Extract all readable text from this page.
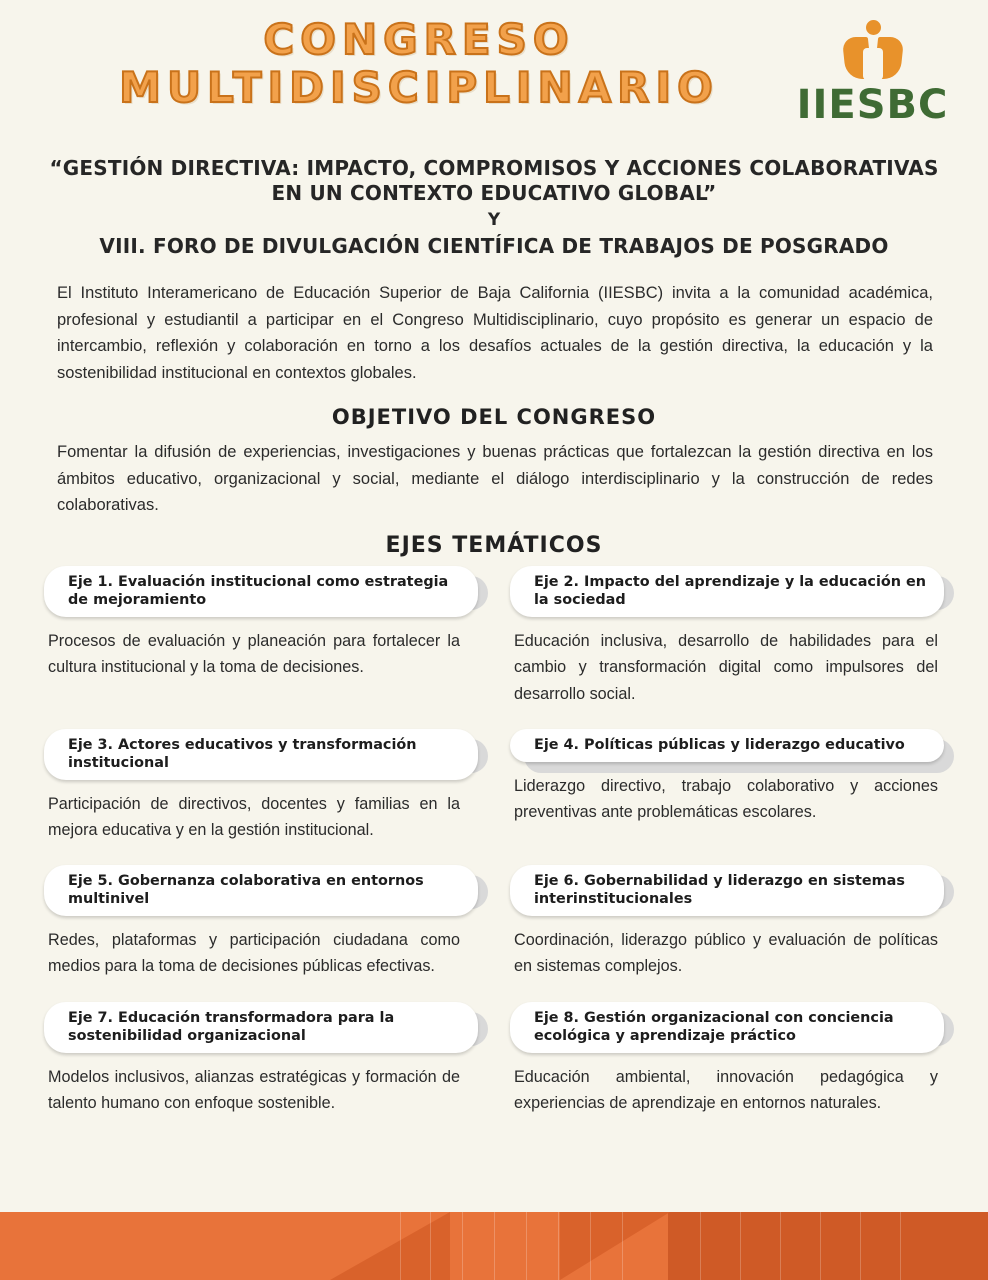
CONGRESO
MULTIDISCIPLINARIO	IIESBC
“GESTIÓN DIRECTIVA: IMPACTO, COMPROMISOS Y ACCIONES COLABORATIVAS EN UN CONTEXTO EDUCATIVO GLOBAL”
Y
VIII. FORO DE DIVULGACIÓN CIENTÍFICA DE TRABAJOS DE POSGRADO

El Instituto Interamericano de Educación Superior de Baja California (IIESBC) invita a la comunidad académica, profesional y estudiantil a participar en el Congreso Multidisciplinario, cuyo propósito es generar un espacio de intercambio, reflexión y colaboración en torno a los desafíos actuales de la gestión directiva, la educación y la sostenibilidad institucional en contextos globales.

OBJETIVO DEL CONGRESO

Fomentar la difusión de experiencias, investigaciones y buenas prácticas que fortalezcan la gestión directiva en los ámbitos educativo, organizacional y social, mediante el diálogo interdisciplinario y la construcción de redes colaborativas.

EJES TEMÁTICOS
Eje 1. Evaluación institucional como estrategia de mejoramiento
Procesos de evaluación y planeación para fortalecer la cultura institucional y la toma de decisiones.
Eje 2. Impacto del aprendizaje y la educación en la sociedad
Educación inclusiva, desarrollo de habilidades para el cambio y transformación digital como impulsores del desarrollo social.
Eje 3. Actores educativos y transformación institucional
Participación de directivos, docentes y familias en la mejora educativa y en la gestión institucional.
Eje 4. Políticas públicas y liderazgo educativo
Liderazgo directivo, trabajo colaborativo y acciones preventivas ante problemáticas escolares.
Eje 5. Gobernanza colaborativa en entornos multinivel
Redes, plataformas y participación ciudadana como medios para la toma de decisiones públicas efectivas.
Eje 6. Gobernabilidad y liderazgo en sistemas interinstitucionales
Coordinación, liderazgo público y evaluación de políticas en sistemas complejos.
Eje 7. Educación transformadora para la sostenibilidad organizacional
Modelos inclusivos, alianzas estratégicas y formación de talento humano con enfoque sostenible.
Eje 8. Gestión organizacional con conciencia ecológica y aprendizaje práctico
Educación ambiental, innovación pedagógica y experiencias de aprendizaje en entornos naturales.
